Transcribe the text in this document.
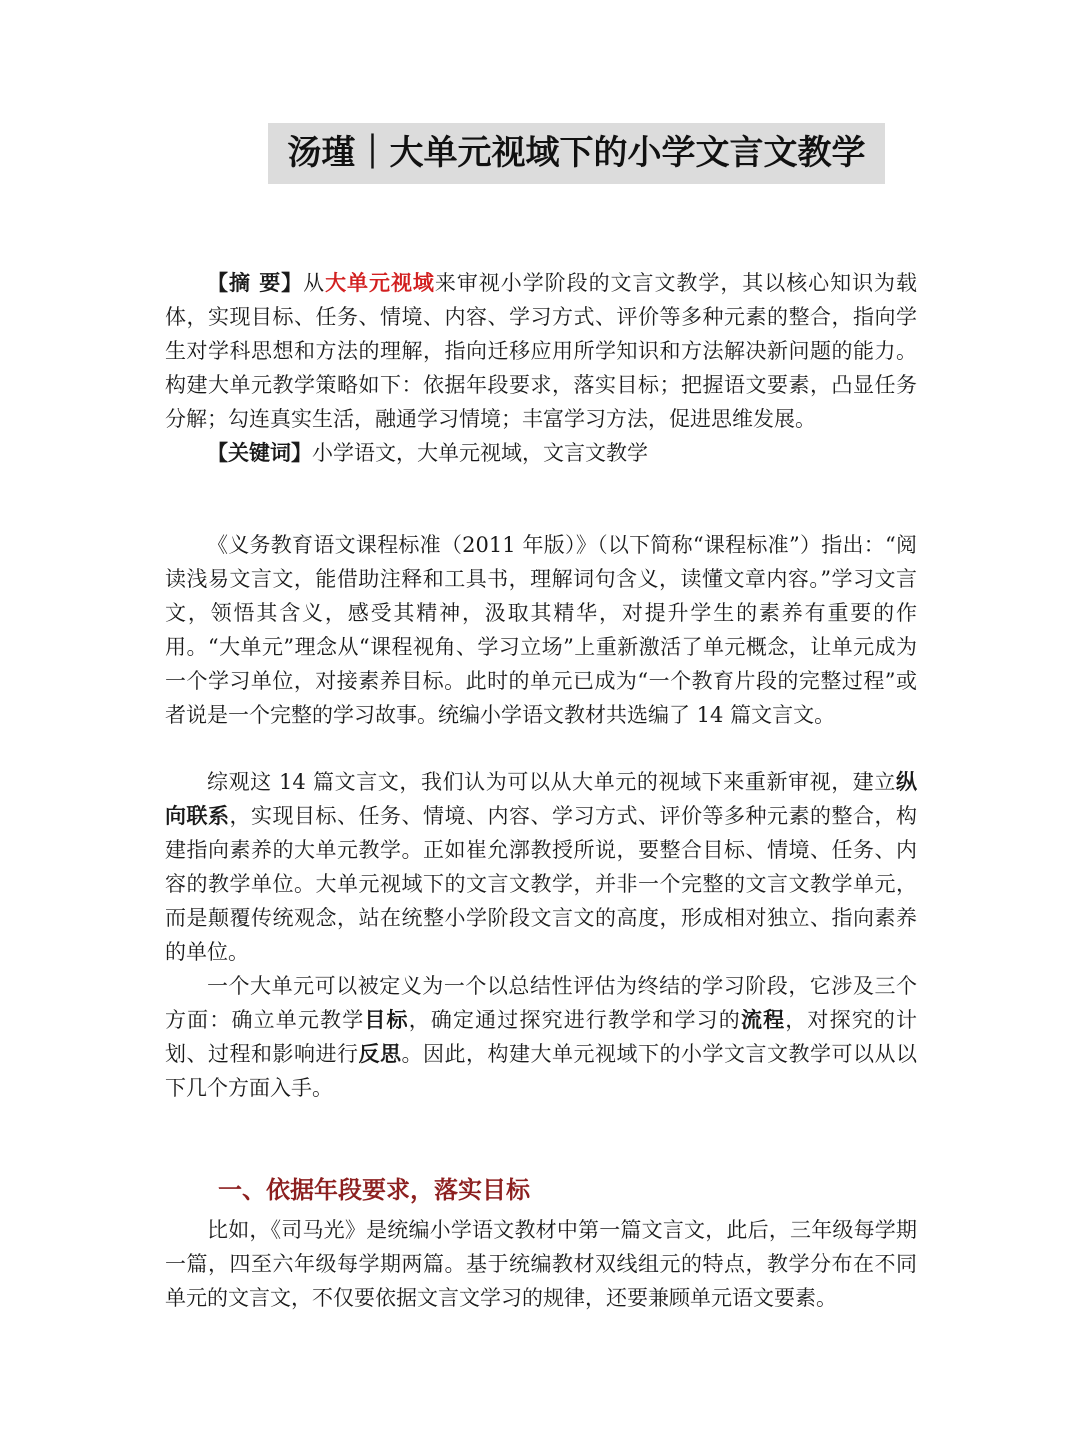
汤瑾｜大单元视域下的小学文言文教学

【摘 要】从大单元视域来审视小学阶段的文言文教学，其以核心知识为载体，实现目标、任务、情境、内容、学习方式、评价等多种元素的整合，指向学生对学科思想和方法的理解，指向迁移应用所学知识和方法解决新问题的能力。构建大单元教学策略如下：依据年段要求，落实目标；把握语文要素，凸显任务分解；勾连真实生活，融通学习情境；丰富学习方法，促进思维发展。

【关键词】小学语文，大单元视域，文言文教学

《义务教育语文课程标准（2011 年版）》（以下简称“课程标准”）指出：“阅读浅易文言文，能借助注释和工具书，理解词句含义，读懂文章内容。”学习文言文，领悟其含义，感受其精神，汲取其精华，对提升学生的素养有重要的作用。“大单元”理念从“课程视角、学习立场”上重新激活了单元概念，让单元成为一个学习单位，对接素养目标。此时的单元已成为“一个教育片段的完整过程”或者说是一个完整的学习故事。统编小学语文教材共选编了 14 篇文言文。

综观这 14 篇文言文，我们认为可以从大单元的视域下来重新审视，建立纵向联系，实现目标、任务、情境、内容、学习方式、评价等多种元素的整合，构建指向素养的大单元教学。正如崔允漷教授所说，要整合目标、情境、任务、内容的教学单位。大单元视域下的文言文教学，并非一个完整的文言文教学单元，而是颠覆传统观念，站在统整小学阶段文言文的高度，形成相对独立、指向素养的单位。

一个大单元可以被定义为一个以总结性评估为终结的学习阶段，它涉及三个方面：确立单元教学目标，确定通过探究进行教学和学习的流程，对探究的计划、过程和影响进行反思。因此，构建大单元视域下的小学文言文教学可以从以下几个方面入手。

一、依据年段要求，落实目标

比如，《司马光》是统编小学语文教材中第一篇文言文，此后，三年级每学期一篇，四至六年级每学期两篇。基于统编教材双线组元的特点，教学分布在不同单元的文言文，不仅要依据文言文学习的规律，还要兼顾单元语文要素。
